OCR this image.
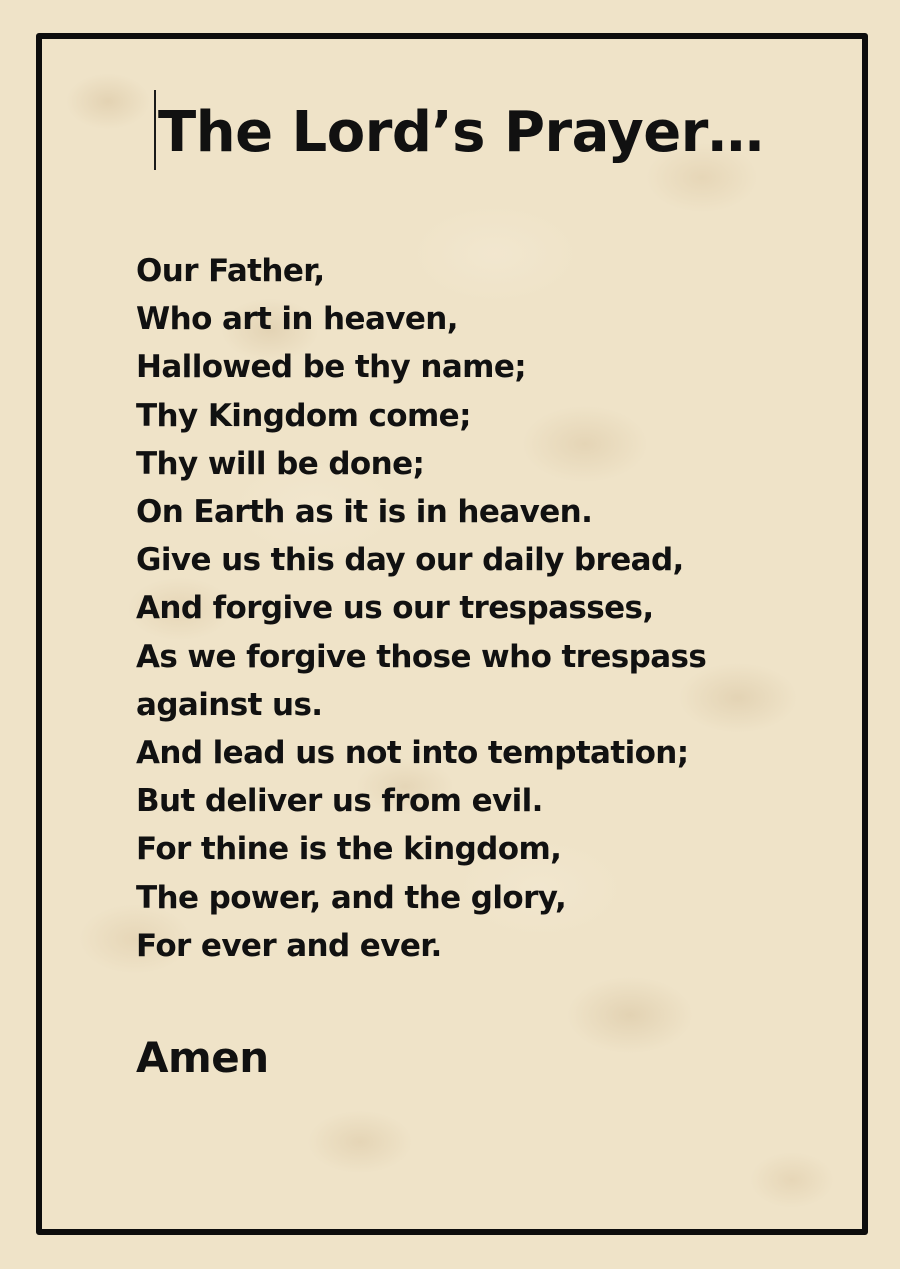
The Lord’s Prayer…
Our Father,
Who art in heaven,
Hallowed be thy name;
Thy Kingdom come;
Thy will be done;
On Earth as it is in heaven.
Give us this day our daily bread,
And forgive us our trespasses,
As we forgive those who trespass
against us.
And lead us not into temptation;
But deliver us from evil.
For thine is the kingdom,
The power, and the glory,
For ever and ever.

Amen
